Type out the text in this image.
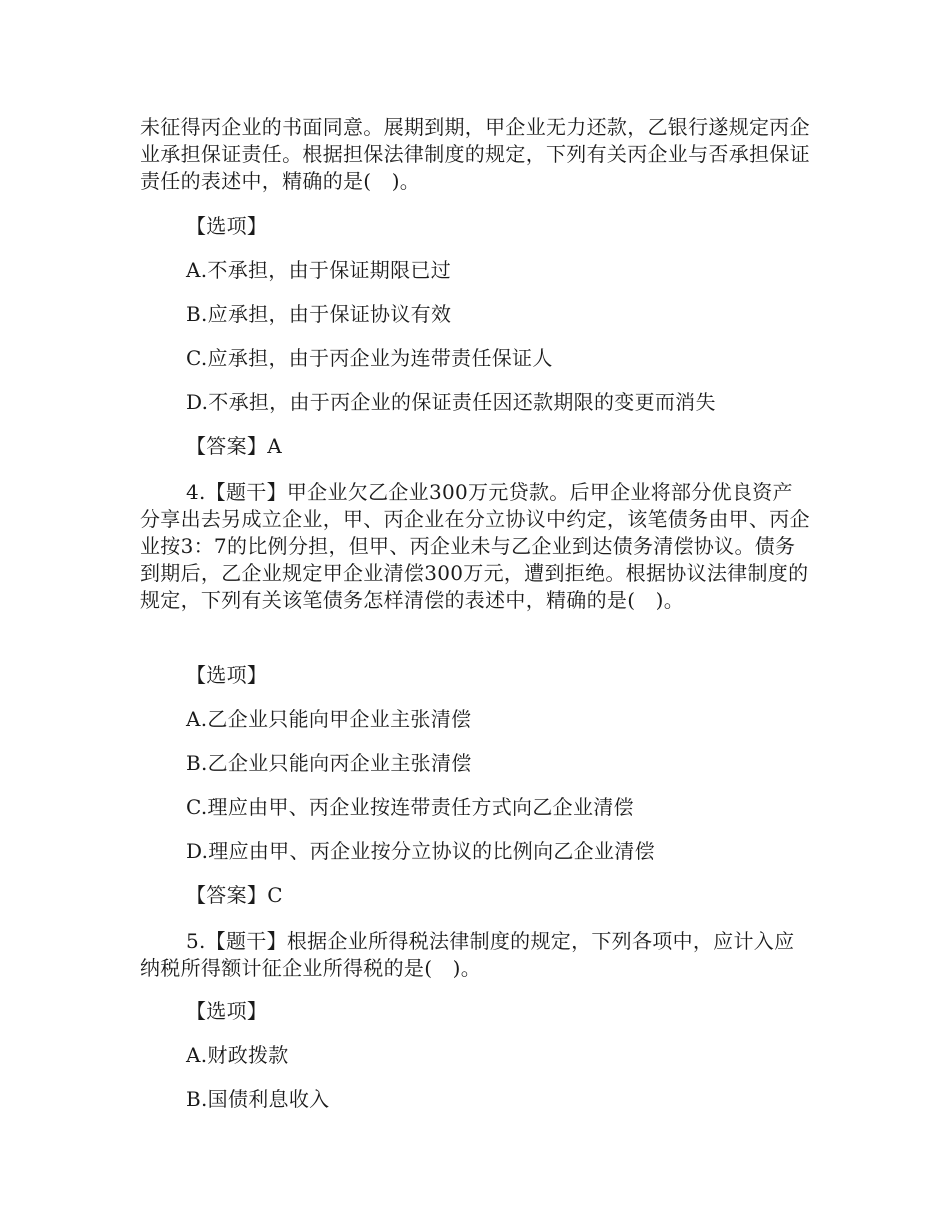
未征得丙企业的书面同意。展期到期，甲企业无力还款，乙银行遂规定丙企业承担保证责任。根据担保法律制度的规定，下列有关丙企业与否承担保证责任的表述中，精确的是(　)。

【选项】

A.不承担，由于保证期限已过

B.应承担，由于保证协议有效

C.应承担，由于丙企业为连带责任保证人

D.不承担，由于丙企业的保证责任因还款期限的变更而消失

【答案】A

4.【题干】甲企业欠乙企业300万元贷款。后甲企业将部分优良资产分享出去另成立企业，甲、丙企业在分立协议中约定，该笔债务由甲、丙企业按3：7的比例分担，但甲、丙企业未与乙企业到达债务清偿协议。债务到期后，乙企业规定甲企业清偿300万元，遭到拒绝。根据协议法律制度的规定，下列有关该笔债务怎样清偿的表述中，精确的是(　)。

【选项】

A.乙企业只能向甲企业主张清偿

B.乙企业只能向丙企业主张清偿

C.理应由甲、丙企业按连带责任方式向乙企业清偿

D.理应由甲、丙企业按分立协议的比例向乙企业清偿

【答案】C

5.【题干】根据企业所得税法律制度的规定，下列各项中，应计入应纳税所得额计征企业所得税的是(　)。

【选项】

A.财政拨款

B.国债利息收入
